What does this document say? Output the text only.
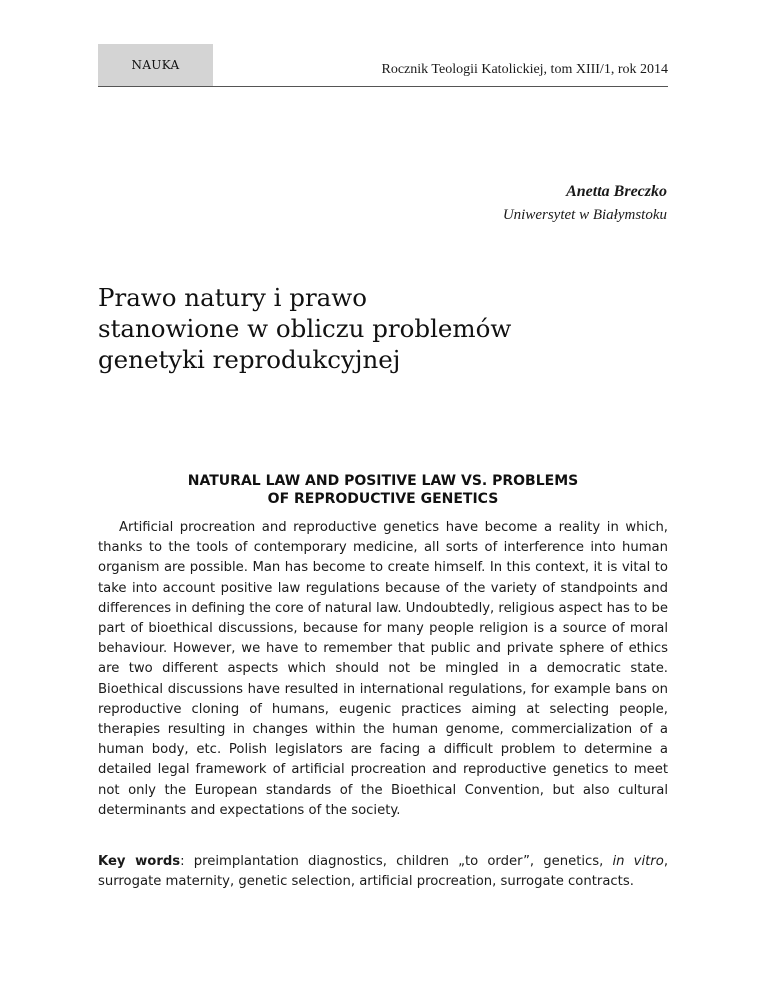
NAUKA	Rocznik Teologii Katolickiej, tom XIII/1, rok 2014
Anetta Breczko
Uniwersytet w Białymstoku
Prawo natury i prawo
stanowione w obliczu problemów
genetyki reprodukcyjnej
NATURAL LAW AND POSITIVE LAW VS. PROBLEMS
OF REPRODUCTIVE GENETICS

Artificial procreation and reproductive genetics have become a reality in which, thanks to the tools of contemporary medicine, all sorts of interference into human organism are possible. Man has become to create himself. In this context, it is vital to take into account positive law regulations because of the variety of standpoints and differences in defining the core of natural law. Undoubtedly, religious aspect has to be part of bioethical discussions, because for many people religion is a source of moral behaviour. However, we have to remember that public and private sphere of ethics are two different aspects which should not be mingled in a democratic state. Bioethical discussions have resulted in international regulations, for example bans on reproductive cloning of humans, eugenic practices aiming at selecting people, therapies resulting in changes within the human genome, commercialization of a human body, etc. Polish legislators are facing a difficult problem to determine a detailed legal framework of artificial procreation and reproductive genetics to meet not only the European standards of the Bioethical Convention, but also cultural determinants and expectations of the society.

Key words: preimplantation diagnostics, children „to order”, genetics, in vitro, surrogate maternity, genetic selection, artificial procreation, surrogate contracts.
